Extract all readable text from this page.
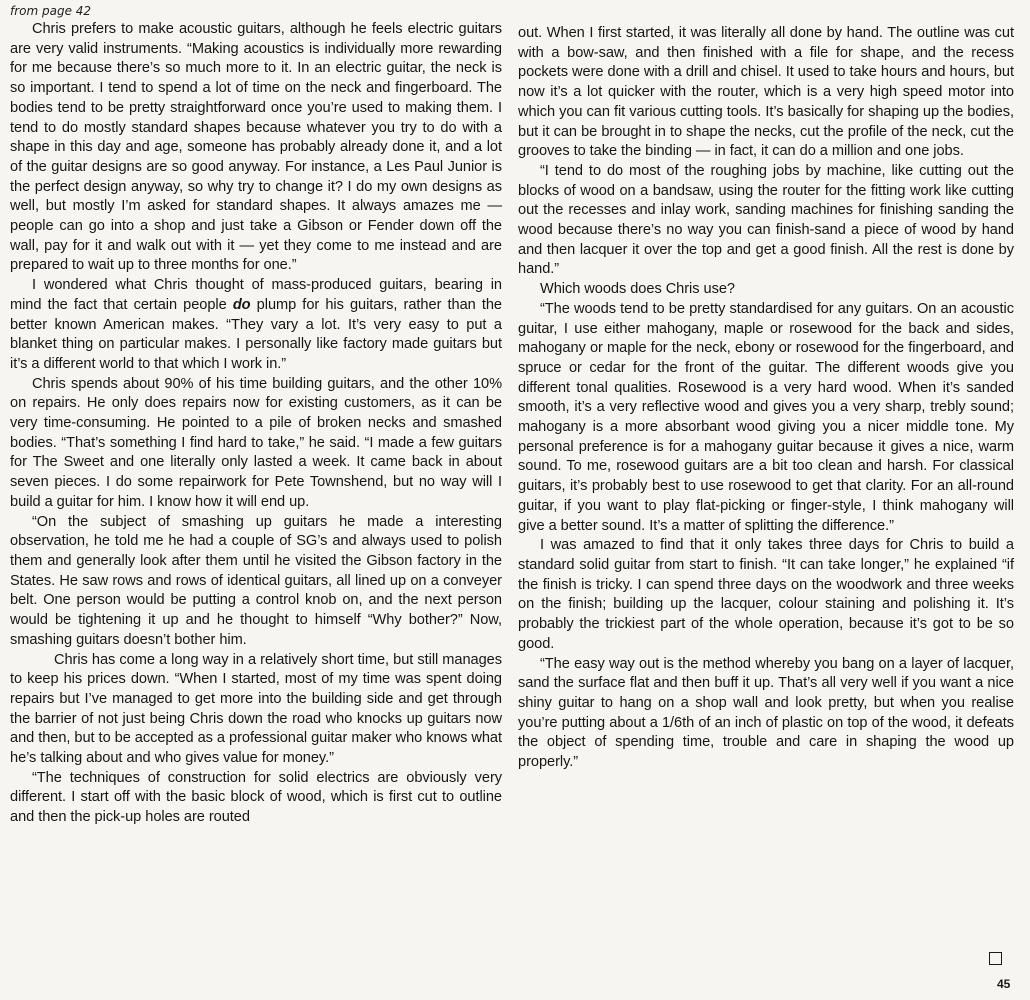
from page 42

Chris prefers to make acoustic guitars, although he feels electric guitars are very valid instruments. “Making acoustics is individually more rewarding for me because there’s so much more to it. In an electric guitar, the neck is so important. I tend to spend a lot of time on the neck and fingerboard. The bodies tend to be pretty straightforward once you’re used to making them. I tend to do mostly standard shapes because whatever you try to do with a shape in this day and age, someone has probably already done it, and a lot of the guitar designs are so good anyway. For instance, a Les Paul Junior is the perfect design anyway, so why try to change it? I do my own designs as well, but mostly I’m asked for standard shapes. It always amazes me — people can go into a shop and just take a Gibson or Fender down off the wall, pay for it and walk out with it — yet they come to me instead and are prepared to wait up to three months for one.”

I wondered what Chris thought of mass-produced guitars, bearing in mind the fact that certain people do plump for his guitars, rather than the better known American makes. “They vary a lot. It’s very easy to put a blanket thing on particular makes. I personally like factory made guitars but it’s a different world to that which I work in.”

Chris spends about 90% of his time building guitars, and the other 10% on repairs. He only does repairs now for existing customers, as it can be very time-consuming. He pointed to a pile of broken necks and smashed bodies. “That’s something I find hard to take,” he said. “I made a few guitars for The Sweet and one literally only lasted a week. It came back in about seven pieces. I do some repairwork for Pete Townshend, but no way will I build a guitar for him. I know how it will end up.

“On the subject of smashing up guitars he made a interesting observation, he told me he had a couple of SG’s and always used to polish them and generally look after them until he visited the Gibson factory in the States. He saw rows and rows of identical guitars, all lined up on a conveyer belt. One person would be putting a control knob on, and the next person would be tightening it up and he thought to himself “Why bother?” Now, smashing guitars doesn’t bother him.

Chris has come a long way in a relatively short time, but still manages to keep his prices down. “When I started, most of my time was spent doing repairs but I’ve managed to get more into the building side and get through the barrier of not just being Chris down the road who knocks up guitars now and then, but to be accepted as a professional guitar maker who knows what he’s talking about and who gives value for money.”

“The techniques of construction for solid electrics are obviously very different. I start off with the basic block of wood, which is first cut to outline and then the pick-up holes are routed

out. When I first started, it was literally all done by hand. The outline was cut with a bow-saw, and then finished with a file for shape, and the recess pockets were done with a drill and chisel. It used to take hours and hours, but now it’s a lot quicker with the router, which is a very high speed motor into which you can fit various cutting tools. It’s basically for shaping up the bodies, but it can be brought in to shape the necks, cut the profile of the neck, cut the grooves to take the binding — in fact, it can do a million and one jobs.

“I tend to do most of the roughing jobs by machine, like cutting out the blocks of wood on a bandsaw, using the router for the fitting work like cutting out the recesses and inlay work, sanding machines for finishing sanding the wood because there’s no way you can finish-sand a piece of wood by hand and then lacquer it over the top and get a good finish. All the rest is done by hand.”

Which woods does Chris use?

“The woods tend to be pretty standardised for any guitars. On an acoustic guitar, I use either mahogany, maple or rosewood for the back and sides, mahogany or maple for the neck, ebony or rosewood for the fingerboard, and spruce or cedar for the front of the guitar. The different woods give you different tonal qualities. Rosewood is a very hard wood. When it’s sanded smooth, it’s a very reflective wood and gives you a very sharp, trebly sound; mahogany is a more absorbant wood giving you a nicer middle tone. My personal preference is for a mahogany guitar because it gives a nice, warm sound. To me, rosewood guitars are a bit too clean and harsh. For classical guitars, it’s probably best to use rosewood to get that clarity. For an all-round guitar, if you want to play flat-picking or finger-style, I think mahogany will give a better sound. It’s a matter of splitting the difference.”

I was amazed to find that it only takes three days for Chris to build a standard solid guitar from start to finish. “It can take longer,” he explained “if the finish is tricky. I can spend three days on the woodwork and three weeks on the finish; building up the lacquer, colour staining and polishing it. It’s probably the trickiest part of the whole operation, because it’s got to be so good.

“The easy way out is the method whereby you bang on a layer of lacquer, sand the surface flat and then buff it up. That’s all very well if you want a nice shiny guitar to hang on a shop wall and look pretty, but when you realise you’re putting about a 1/6th of an inch of plastic on top of the wood, it defeats the object of spending time, trouble and care in shaping the wood up properly.”

45
